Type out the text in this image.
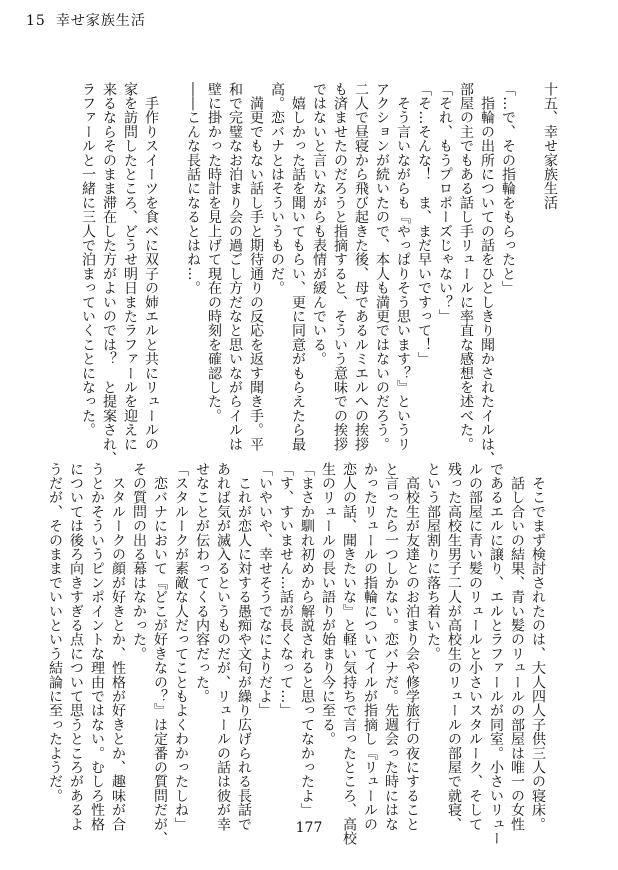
15 幸せ家族生活
十五、幸せ家族生活

「…で、その指輪をもらったと」
　指輪の出所についての話をひとしきり聞かされたイルは、
部屋の主でもある話し手リュールに率直な感想を述べた。
「それ、もうプロポーズじゃない？」
「そ…そんな！　ま、まだ早いですって！」
　そう言いながらも『やっぱりそう思います？』というリ
アクションが続いたので、本人も満更ではないのだろう。
二人で昼寝から飛び起きた後、母であるルミエルへの挨拶
も済ませたのだろうと指摘すると、そういう意味での挨拶
ではないと言いながらも表情が緩んでいる。
　嬉しかった話を聞いてもらい、更に同意がもらえたら最
高。恋バナとはそういうものだ。
　満更でもない話し手と期待通りの反応を返す聞き手。平
和で完璧なお泊まり会の過ごし方だなと思いながらイルは
壁に掛かった時計を見上げて現在の時刻を確認した。
――こんな長話になるとはね…。

　手作りスイーツを食べに双子の姉エルと共にリュールの
家を訪問したところ、どうせ明日またラファールを迎えに
来るならそのまま滞在した方がよいのでは？　と提案され、
ラファールと一緒に三人で泊まっていくことになった。
　そこでまず検討されたのは、大人四人子供三人の寝床。
　話し合いの結果、青い髪のリュールの部屋は唯一の女性
であるエルに譲り、エルとラファールが同室。小さいリュー
ルの部屋に青い髪のリュールと小さいスタルーク、そして
残った高校生男子二人が高校生のリュールの部屋で就寝、
という部屋割りに落ち着いた。
　高校生が友達とのお泊まり会や修学旅行の夜にすること
と言ったら一つしかない。恋バナだ。先週会った時にはな
かったリュールの指輪についてイルが指摘し『リュールの
恋人の話、聞きたいな』と軽い気持ちで言ったところ、高校
生のリュールの長い語りが始まり今に至る。
「まさか馴れ初めから解説されると思ってなかったよ」
「す、すいません…話が長くなって…」
「いやいや、幸せそうでなによりだよ」
　これが恋人に対する愚痴や文句が繰り広げられる長話で
あれば気が滅入るというものだが、リュールの話は彼が幸
せなことが伝わってくる内容だった。
「スタルークが素敵な人だってこともよくわかったしね」
　恋バナにおいて『どこが好きなの？』は定番の質問だが、
その質問の出る幕はなかった。
　スタルークの顔が好きとか、性格が好きとか、趣味が合
うとかそういうピンポイントな理由ではない。むしろ性格
については後ろ向きすぎる点について思うところがあるよ
うだが、そのままでいいという結論に至ったようだ。
177
